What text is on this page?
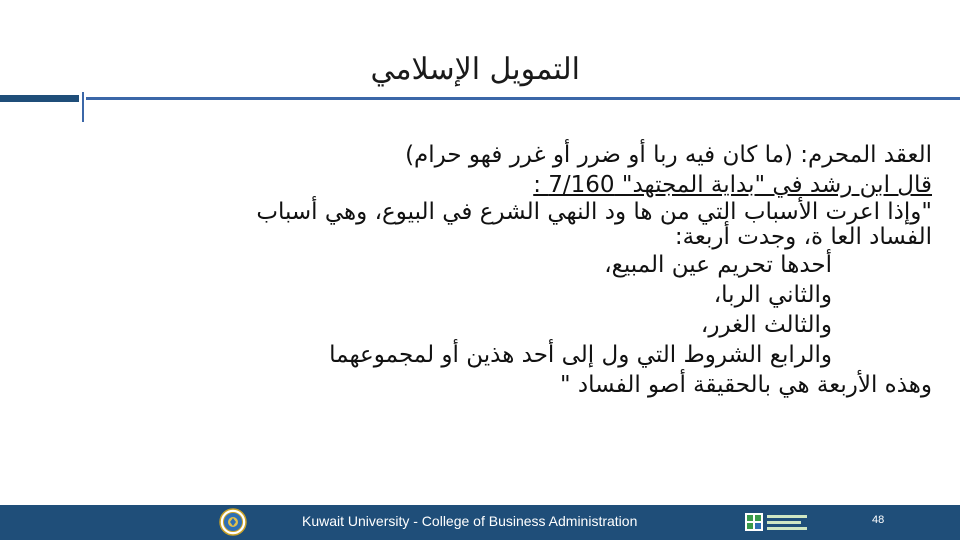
التمويل الإسلامي
العقد المحرم: (ما كان فيه ربا أو ضرر أو غرر فهو حرام)
قال ابن رشد في "بداية المجتهد" 7/160 :
"وإذا اعرت الأسباب التي من ها ود النهي الشرع في البيوع، وهي أسباب
الفساد العا ة، وجدت أربعة:
أحدها تحريم عين المبيع،
والثاني الربا،
والثالث الغرر،
والرابع الشروط التي ول إلى أحد هذين أو لمجموعهما
وهذه الأربعة هي بالحقيقة أصو الفساد "
Kuwait University - College of Business Administration	48
